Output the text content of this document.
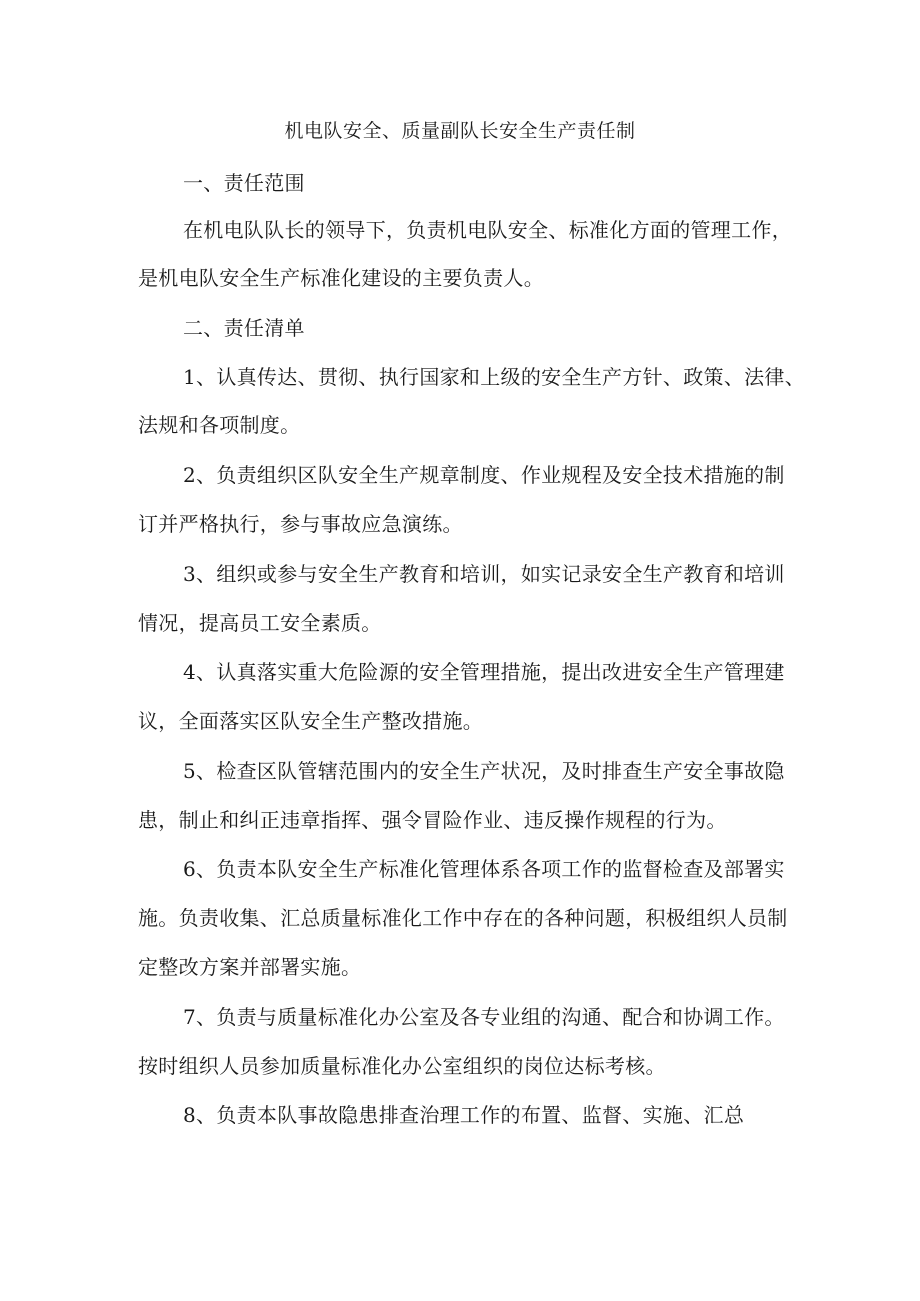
机电队安全、质量副队长安全生产责任制
一、责任范围
在机电队队长的领导下，负责机电队安全、标准化方面的管理工作，
是机电队安全生产标准化建设的主要负责人。
二、责任清单
1、认真传达、贯彻、执行国家和上级的安全生产方针、政策、法律、
法规和各项制度。
2、负责组织区队安全生产规章制度、作业规程及安全技术措施的制
订并严格执行，参与事故应急演练。
3、组织或参与安全生产教育和培训，如实记录安全生产教育和培训
情况，提高员工安全素质。
4、认真落实重大危险源的安全管理措施，提出改进安全生产管理建
议，全面落实区队安全生产整改措施。
5、检查区队管辖范围内的安全生产状况，及时排查生产安全事故隐
患，制止和纠正违章指挥、强令冒险作业、违反操作规程的行为。
6、负责本队安全生产标准化管理体系各项工作的监督检查及部署实
施。负责收集、汇总质量标准化工作中存在的各种问题，积极组织人员制
定整改方案并部署实施。
7、负责与质量标准化办公室及各专业组的沟通、配合和协调工作。
按时组织人员参加质量标准化办公室组织的岗位达标考核。
8、负责本队事故隐患排查治理工作的布置、监督、实施、汇总
